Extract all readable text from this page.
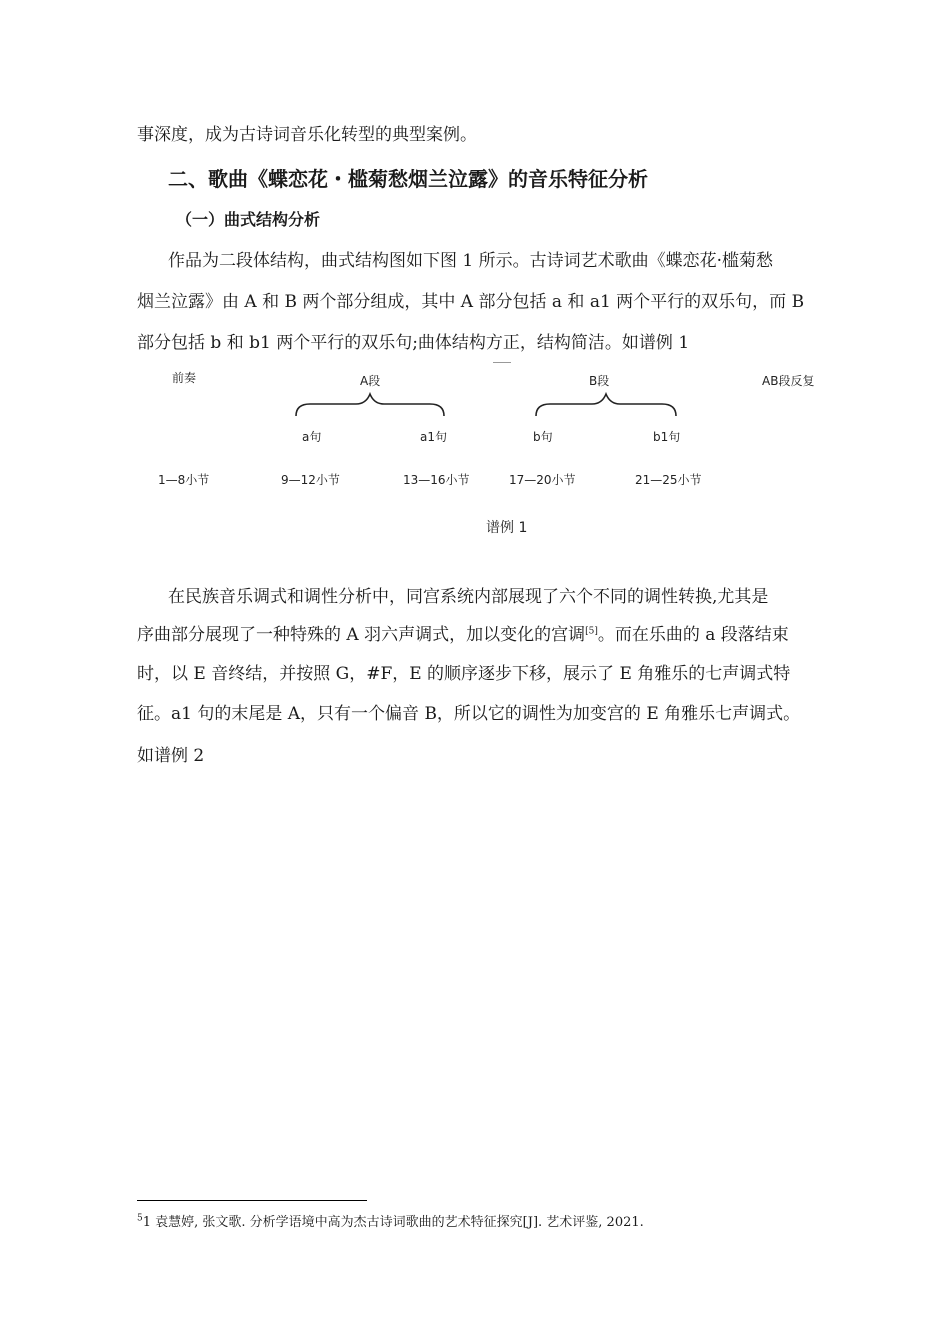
事深度，成为古诗词音乐化转型的典型案例。
二、歌曲《蝶恋花・槛菊愁烟兰泣露》的音乐特征分析
（一）曲式结构分析
作品为二段体结构，曲式结构图如下图 1 所示。古诗词艺术歌曲《蝶恋花·槛菊愁
烟兰泣露》由 A 和 B 两个部分组成，其中 A 部分包括 a 和 a1 两个平行的双乐句，而 B
部分包括 b 和 b1 两个平行的双乐句;曲体结构方正，结构简洁。如谱例 1
前奏	A段	B段	AB段反复
a句	a1句	b句	b1句
1—8小节	9—12小节	13—16小节	17—20小节	21—25小节
谱例 1
在民族音乐调式和调性分析中，同宫系统内部展现了六个不同的调性转换,尤其是
序曲部分展现了一种特殊的 A 羽六声调式，加以变化的宫调[5]。而在乐曲的 a 段落结束
时，以 E 音终结，并按照 G，#F，E 的顺序逐步下移，展示了 E 角雅乐的七声调式特
征。a1 句的末尾是 A，只有一个偏音 B，所以它的调性为加变宫的 E 角雅乐七声调式。
如谱例 2
$^5$1 袁慧婷, 张文歌. 分析学语境中高为杰古诗词歌曲的艺术特征探究[J]. 艺术评鉴, 2021.
